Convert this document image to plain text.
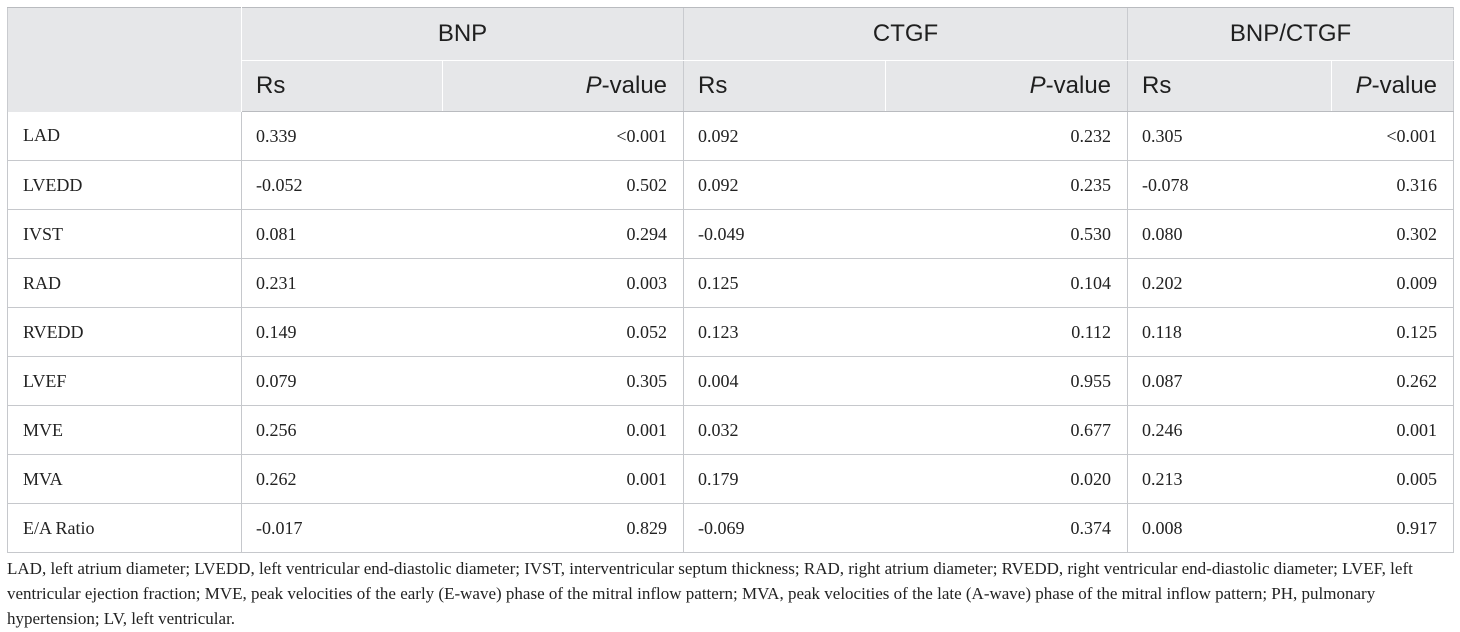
	BNP		CTGF		BNP/CTGF	
	Rs	P-value	Rs	P-value	Rs	P-value
LAD	0.339	<0.001	0.092	0.232	0.305	<0.001
LVEDD	-0.052	0.502	0.092	0.235	-0.078	0.316
IVST	0.081	0.294	-0.049	0.530	0.080	0.302
RAD	0.231	0.003	0.125	0.104	0.202	0.009
RVEDD	0.149	0.052	0.123	0.112	0.118	0.125
LVEF	0.079	0.305	0.004	0.955	0.087	0.262
MVE	0.256	0.001	0.032	0.677	0.246	0.001
MVA	0.262	0.001	0.179	0.020	0.213	0.005
E/A Ratio	-0.017	0.829	-0.069	0.374	0.008	0.917

LAD, left atrium diameter; LVEDD, left ventricular end-diastolic diameter; IVST, interventricular septum thickness; RAD, right atrium diameter; RVEDD, right ventricular end-diastolic diameter; LVEF, left ventricular ejection fraction; MVE, peak velocities of the early (E-wave) phase of the mitral inflow pattern; MVA, peak velocities of the late (A-wave) phase of the mitral inflow pattern; PH, pulmonary hypertension; LV, left ventricular.
